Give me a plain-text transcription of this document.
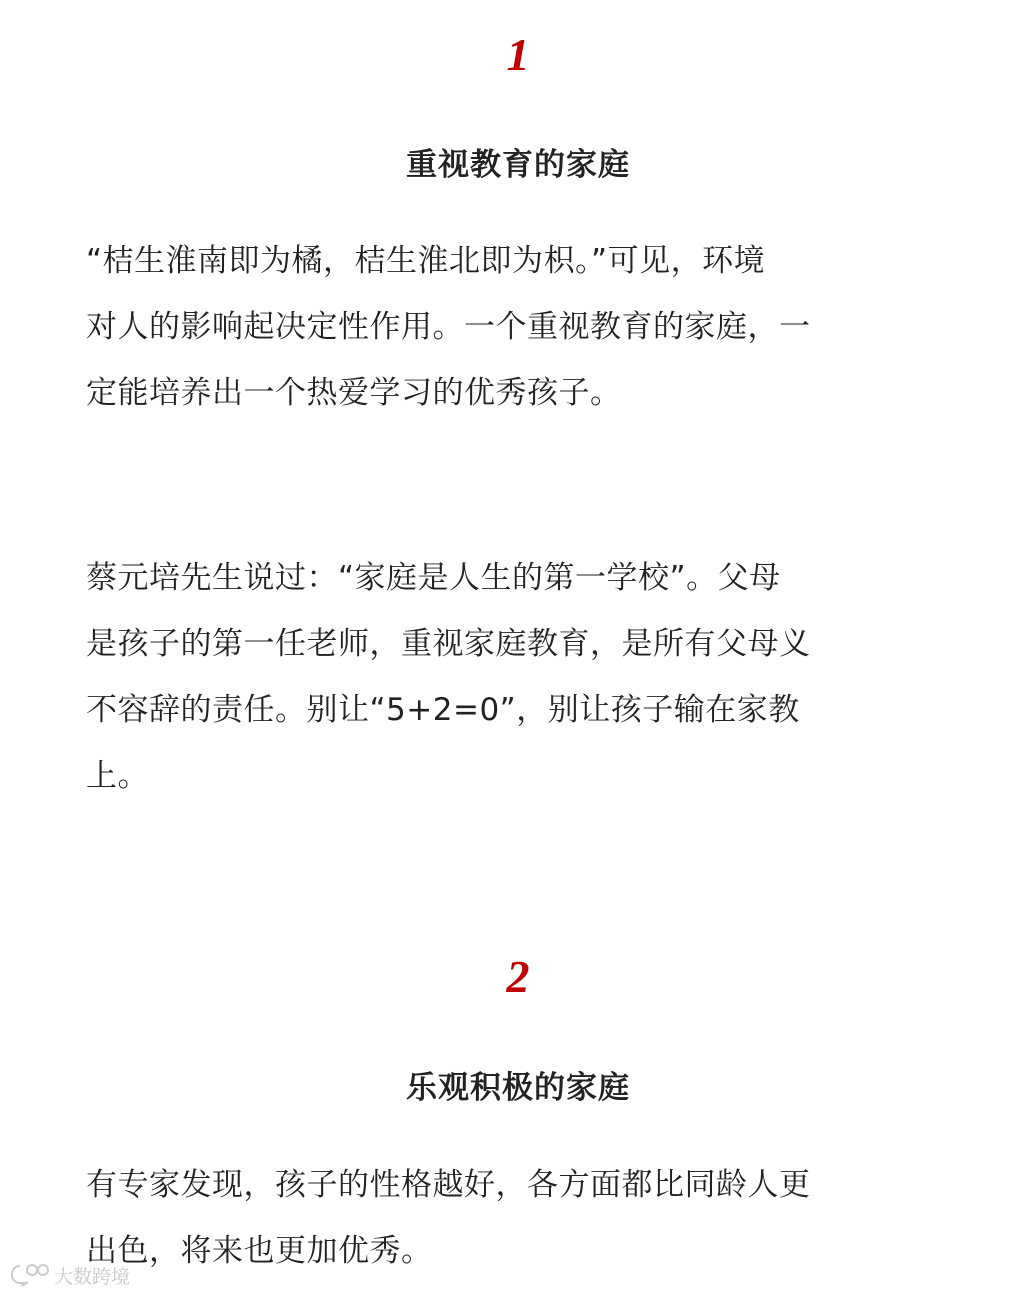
1
重视教育的家庭
“桔生淮南即为橘，桔生淮北即为枳。”可见，环境
对人的影响起决定性作用。一个重视教育的家庭，一
定能培养出一个热爱学习的优秀孩子。
蔡元培先生说过：“家庭是人生的第一学校”。父母
是孩子的第一任老师，重视家庭教育，是所有父母义
不容辞的责任。别让“5+2=0”，别让孩子输在家教
上。
2
乐观积极的家庭
有专家发现，孩子的性格越好，各方面都比同龄人更
出色，将来也更加优秀。
大数跨境
